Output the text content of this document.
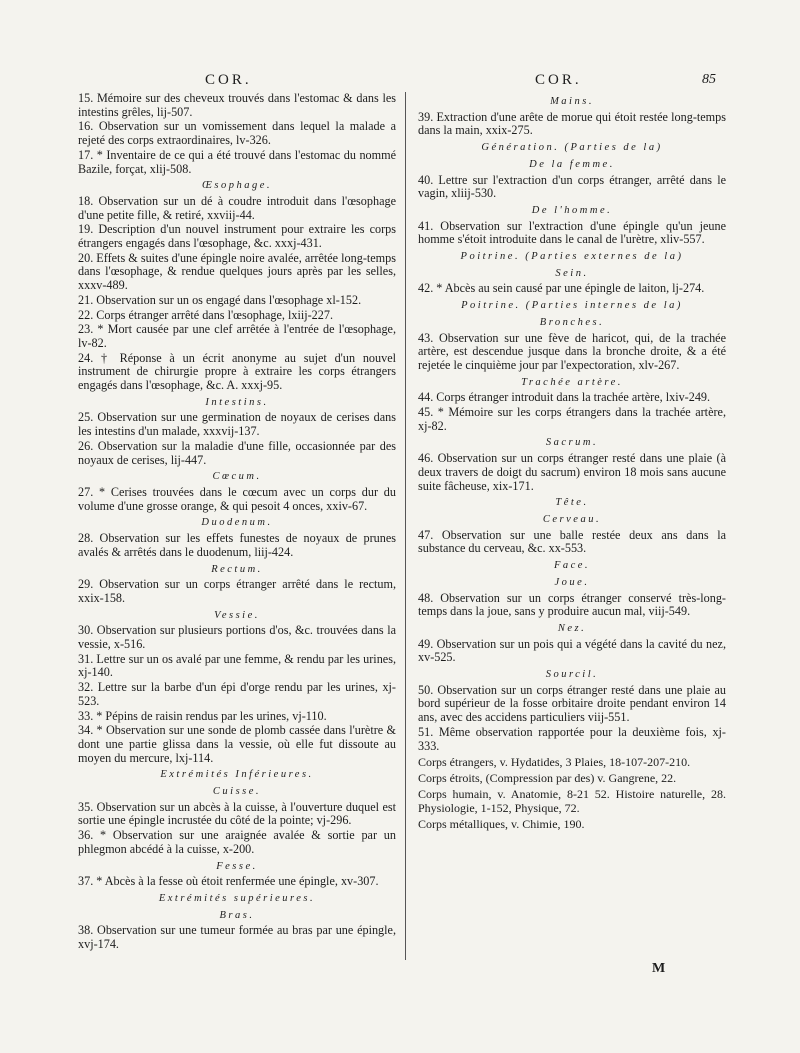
COR.	COR.	85
15. Mémoire sur des cheveux trouvés dans l'estomac & dans les intestins grêles, lij-507.
16. Observation sur un vomissement dans lequel la malade a rejeté des corps extraordinaires, lv-326.
17. * Inventaire de ce qui a été trouvé dans l'estomac du nommé Bazile, forçat, xlij-508.
Œsophage.
18. Observation sur un dé à coudre introduit dans l'œsophage d'une petite fille, & retiré, xxviij-44.
19. Description d'un nouvel instrument pour extraire les corps étrangers engagés dans l'œsophage, &c. xxxj-431.
20. Effets & suites d'une épingle noire avalée, arrêtée long-temps dans l'œsophage, & rendue quelques jours après par les selles, xxxv-489.
21. Observation sur un os engagé dans l'œsophage xl-152.
22. Corps étranger arrêté dans l'œsophage, lxiij-227.
23. * Mort causée par une clef arrêtée à l'entrée de l'œsophage, lv-82.
24. † Réponse à un écrit anonyme au sujet d'un nouvel instrument de chirurgie propre à extraire les corps étrangers engagés dans l'œsophage, &c. A. xxxj-95.
Intestins.
25. Observation sur une germination de noyaux de cerises dans les intestins d'un malade, xxxvij-137.
26. Observation sur la maladie d'une fille, occasionnée par des noyaux de cerises, lij-447.
Cœcum.
27. * Cerises trouvées dans le cœcum avec un corps dur du volume d'une grosse orange, & qui pesoit 4 onces, xxiv-67.
Duodenum.
28. Observation sur les effets funestes de noyaux de prunes avalés & arrêtés dans le duodenum, liij-424.
Rectum.
29. Observation sur un corps étranger arrêté dans le rectum, xxix-158.
Vessie.
30. Observation sur plusieurs portions d'os, &c. trouvées dans la vessie, x-516.
31. Lettre sur un os avalé par une femme, & rendu par les urines, xj-140.
32. Lettre sur la barbe d'un épi d'orge rendu par les urines, xj-523.
33. * Pépins de raisin rendus par les urines, vj-110.
34. * Observation sur une sonde de plomb cassée dans l'urètre & dont une partie glissa dans la vessie, où elle fut dissoute au moyen du mercure, lxj-114.
Extrémités Inférieures.
Cuisse.
35. Observation sur un abcès à la cuisse, à l'ouverture duquel est sortie une épingle incrustée du côté de la pointe; vj-296.
36. * Observation sur une araignée avalée & sortie par un phlegmon abcédé à la cuisse, x-200.
Fesse.
37. * Abcès à la fesse où étoit renfermée une épingle, xv-307.
Extrémités supérieures.
Bras.
38. Observation sur une tumeur formée au bras par une épingle, xvj-174.
Mains.
39. Extraction d'une arête de morue qui étoit restée long-temps dans la main, xxix-275.
Génération. (Parties de la)
De la femme.
40. Lettre sur l'extraction d'un corps étranger, arrêté dans le vagin, xliij-530.
De l'homme.
41. Observation sur l'extraction d'une épingle qu'un jeune homme s'étoit introduite dans le canal de l'urètre, xliv-557.
Poitrine. (Parties externes de la)
Sein.
42. * Abcès au sein causé par une épingle de laiton, lj-274.
Poitrine. (Parties internes de la)
Bronches.
43. Observation sur une fève de haricot, qui, de la trachée artère, est descendue jusque dans la bronche droite, & a été rejetée le cinquième jour par l'expectoration, xlv-267.
Trachée artère.
44. Corps étranger introduit dans la trachée artère, lxiv-249.
45. * Mémoire sur les corps étrangers dans la trachée artère, xj-82.
Sacrum.
46. Observation sur un corps étranger resté dans une plaie (à deux travers de doigt du sacrum) environ 18 mois sans aucune suite fâcheuse, xix-171.
Tête.
Cerveau.
47. Observation sur une balle restée deux ans dans la substance du cerveau, &c. xx-553.
Face.
Joue.
48. Observation sur un corps étranger conservé très-long-temps dans la joue, sans y produire aucun mal, viij-549.
Nez.
49. Observation sur un pois qui a végété dans la cavité du nez, xv-525.
Sourcil.
50. Observation sur un corps étranger resté dans une plaie au bord supérieur de la fosse orbitaire droite pendant environ 14 ans, avec des accidens particuliers viij-551.
51. Même observation rapportée pour la deuxième fois, xj-333.
Corps étrangers, v. Hydatides, 3 Plaies, 18-107-207-210.
Corps étroits, (Compression par des) v. Gangrene, 22.
Corps humain, v. Anatomie, 8-21 52. Histoire naturelle, 28. Physiologie, 1-152, Physique, 72.
Corps métalliques, v. Chimie, 190.
M
